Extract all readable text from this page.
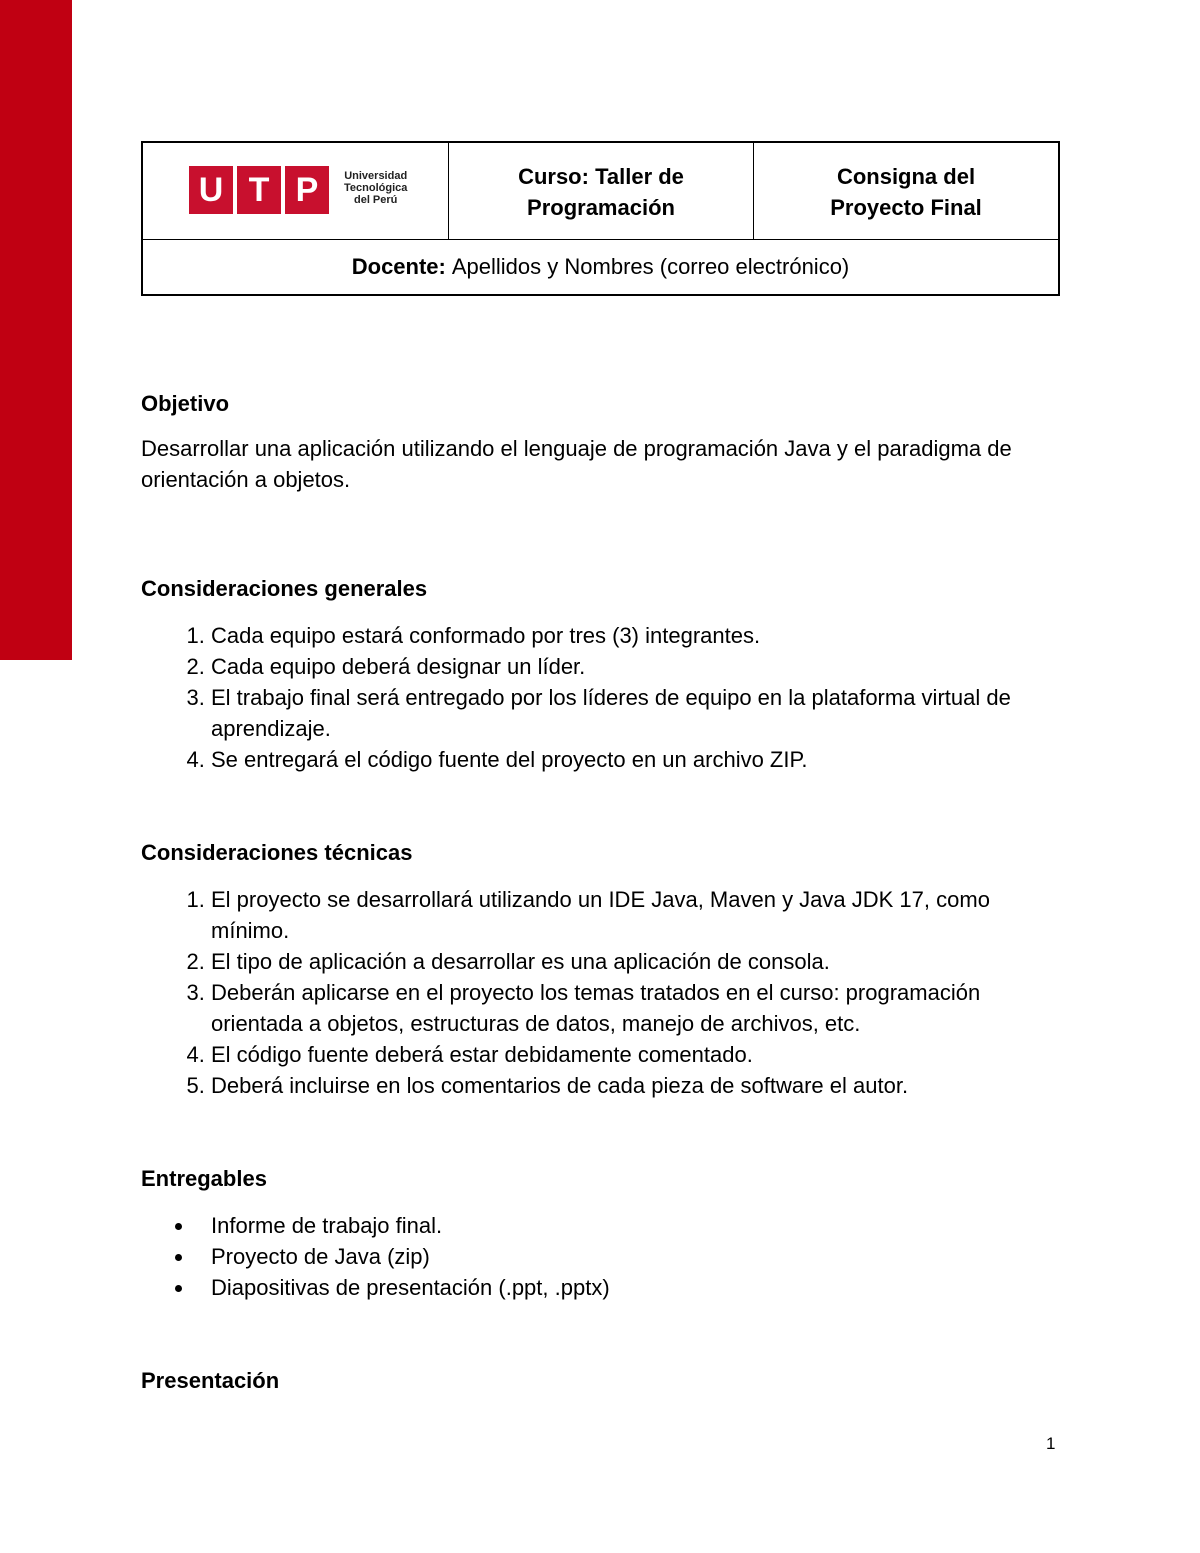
U T P	Universidad
Tecnológica
del Perú
Curso: Taller de
Programación
Consigna del
Proyecto Final
Docente: Apellidos y Nombres (correo electrónico)

Objetivo

Desarrollar una aplicación utilizando el lenguaje de programación Java y el paradigma de orientación a objetos.

Consideraciones generales

1. Cada equipo estará conformado por tres (3) integrantes.
2. Cada equipo deberá designar un líder.
3. El trabajo final será entregado por los líderes de equipo en la plataforma virtual de aprendizaje.
4. Se entregará el código fuente del proyecto en un archivo ZIP.

Consideraciones técnicas

1. El proyecto se desarrollará utilizando un IDE Java, Maven y Java JDK 17, como mínimo.
2. El tipo de aplicación a desarrollar es una aplicación de consola.
3. Deberán aplicarse en el proyecto los temas tratados en el curso: programación orientada a objetos, estructuras de datos, manejo de archivos, etc.
4. El código fuente deberá estar debidamente comentado.
5. Deberá incluirse en los comentarios de cada pieza de software el autor.

Entregables

Informe de trabajo final.
Proyecto de Java (zip)
Diapositivas de presentación (.ppt, .pptx)

Presentación

1
